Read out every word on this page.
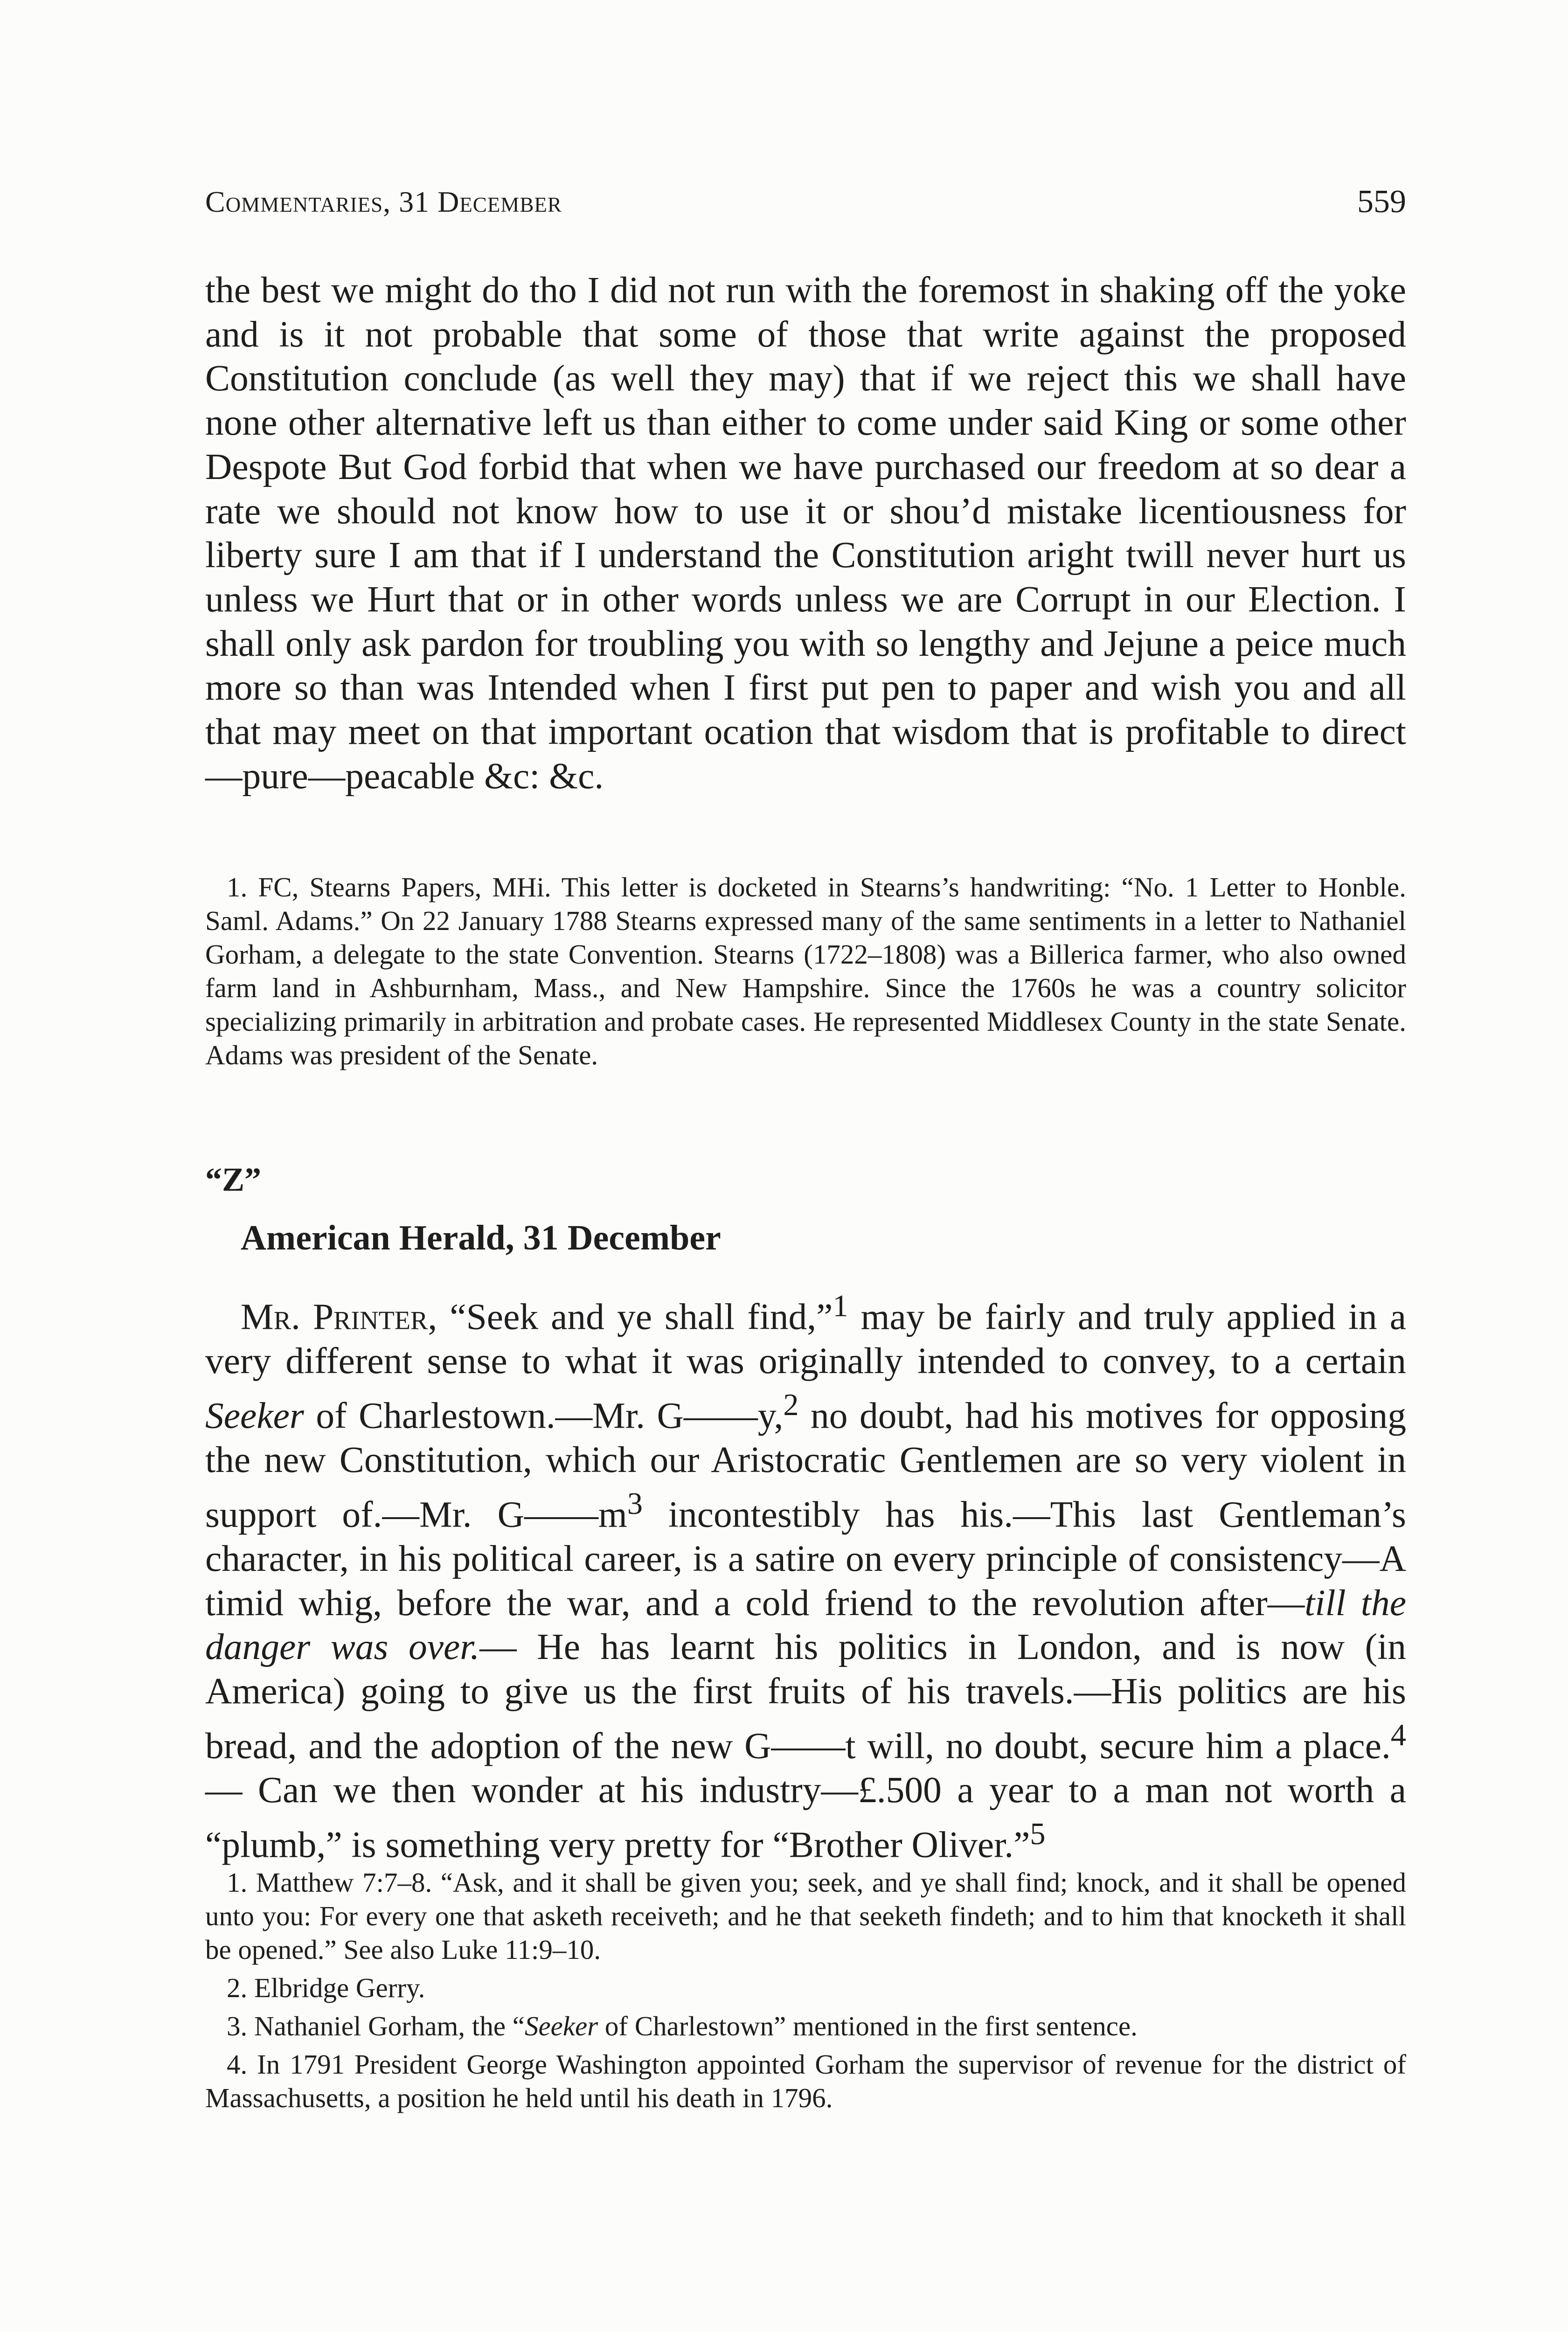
Commentaries, 31 December	559

the best we might do tho I did not run with the foremost in shaking off the yoke and is it not probable that some of those that write against the proposed Constitution conclude (as well they may) that if we reject this we shall have none other alternative left us than either to come under said King or some other Despote But God forbid that when we have purchased our freedom at so dear a rate we should not know how to use it or shou’d mistake licentiousness for liberty sure I am that if I understand the Constitution aright twill never hurt us unless we Hurt that or in other words unless we are Corrupt in our Election. I shall only ask pardon for troubling you with so lengthy and Jejune a peice much more so than was Intended when I first put pen to paper and wish you and all that may meet on that important ocation that wisdom that is profitable to direct—pure—peacable &c: &c.

1. FC, Stearns Papers, MHi. This letter is docketed in Stearns’s handwriting: “No. 1 Letter to Honble. Saml. Adams.” On 22 January 1788 Stearns expressed many of the same sentiments in a letter to Nathaniel Gorham, a delegate to the state Convention. Stearns (1722–1808) was a Billerica farmer, who also owned farm land in Ashburnham, Mass., and New Hampshire. Since the 1760s he was a country solicitor specializing primarily in arbitration and probate cases. He represented Middlesex County in the state Senate. Adams was president of the Senate.

“Z”
American Herald, 31 December

Mr. Printer, “Seek and ye shall find,”$^1$ may be fairly and truly applied in a very different sense to what it was originally intended to convey, to a certain Seeker of Charlestown.—Mr. G——y,$^2$ no doubt, had his motives for opposing the new Constitution, which our Aristocratic Gentlemen are so very violent in support of.—Mr. $G——m^3$ incontestibly has his.—This last Gentleman’s character, in his political career, is a satire on every principle of consistency—A timid whig, before the war, and a cold friend to the revolution after—till the danger was over.— He has learnt his politics in London, and is now (in America) going to give us the first fruits of his travels.—His politics are his bread, and the adoption of the new G——t will, no doubt, secure him a place.$^4$— Can we then wonder at his industry—£.500 a year to a man not worth a “plumb,” is something very pretty for “Brother Oliver.”$^5$

1. Matthew 7:7–8. “Ask, and it shall be given you; seek, and ye shall find; knock, and it shall be opened unto you: For every one that asketh receiveth; and he that seeketh findeth; and to him that knocketh it shall be opened.” See also Luke 11:9–10.

2. Elbridge Gerry.

3. Nathaniel Gorham, the “Seeker of Charlestown” mentioned in the first sentence.

4. In 1791 President George Washington appointed Gorham the supervisor of revenue for the district of Massachusetts, a position he held until his death in 1796.
